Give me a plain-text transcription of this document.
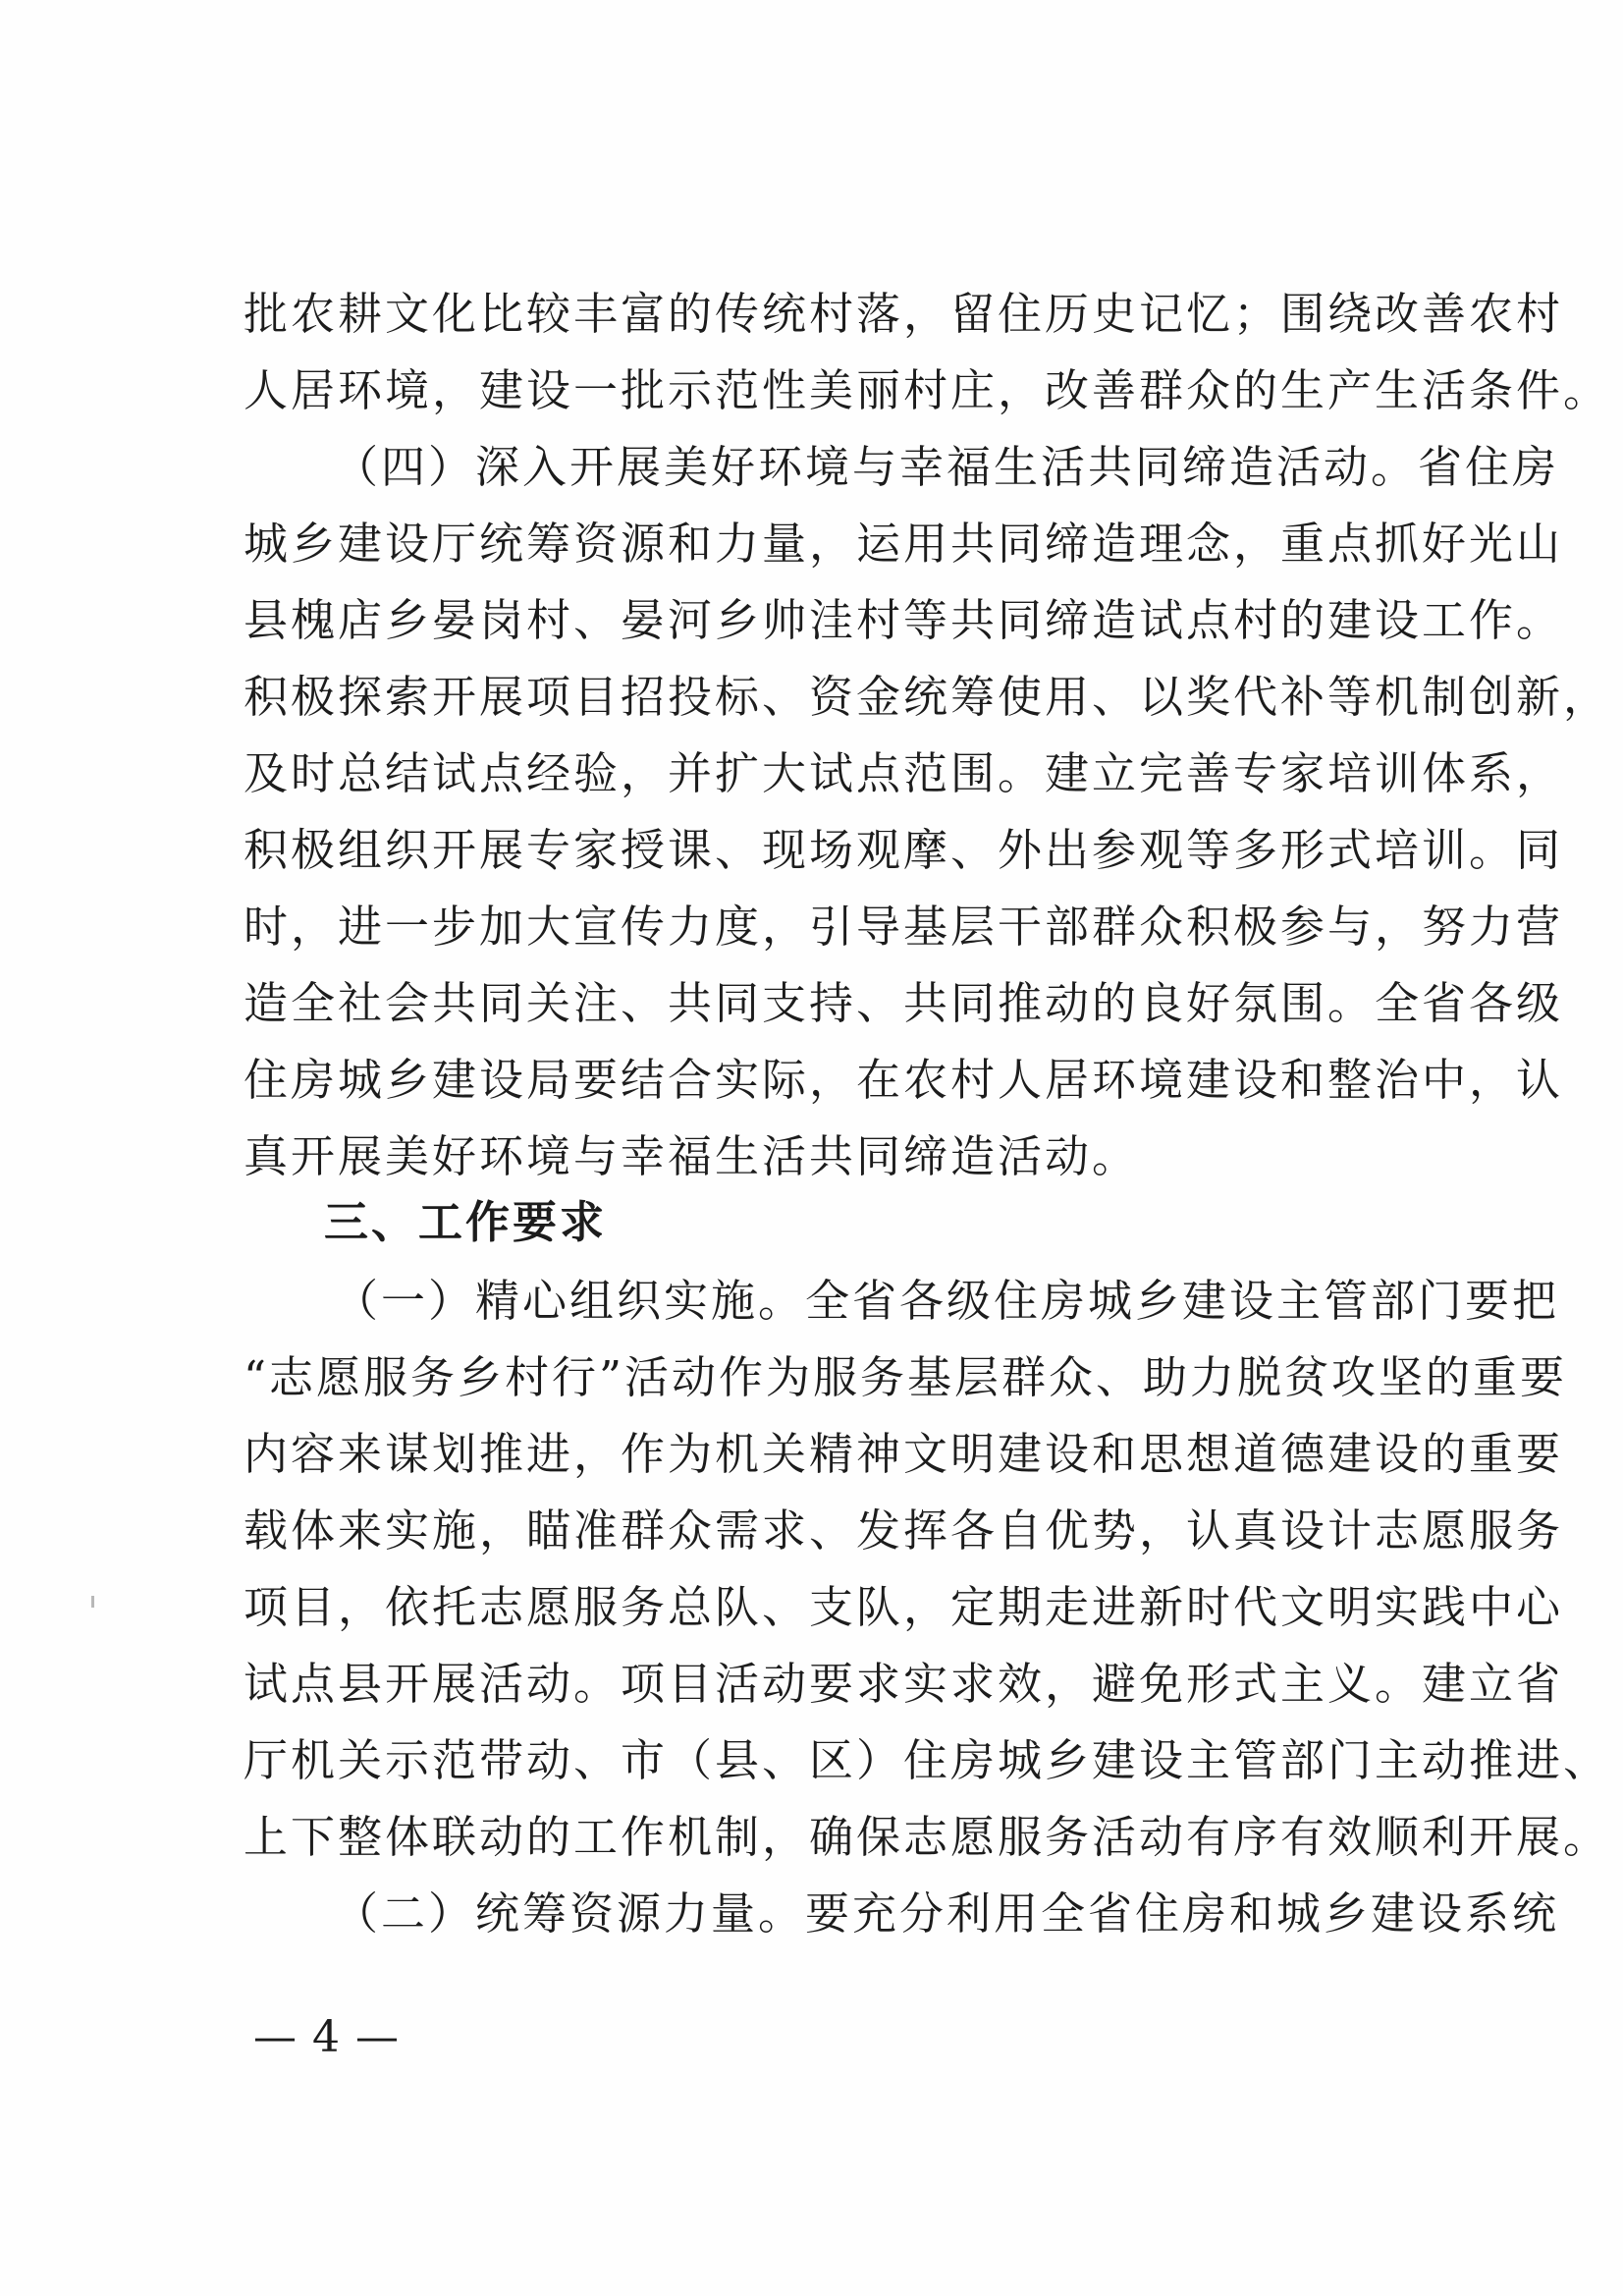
批农耕文化比较丰富的传统村落，留住历史记忆；围绕改善农村
人居环境，建设一批示范性美丽村庄，改善群众的生产生活条件。
（四）深入开展美好环境与幸福生活共同缔造活动。省住房
城乡建设厅统筹资源和力量，运用共同缔造理念，重点抓好光山
县槐店乡晏岗村、晏河乡帅洼村等共同缔造试点村的建设工作。
积极探索开展项目招投标、资金统筹使用、以奖代补等机制创新，
及时总结试点经验，并扩大试点范围。建立完善专家培训体系，
积极组织开展专家授课、现场观摩、外出参观等多形式培训。同
时，进一步加大宣传力度，引导基层干部群众积极参与，努力营
造全社会共同关注、共同支持、共同推动的良好氛围。全省各级
住房城乡建设局要结合实际，在农村人居环境建设和整治中，认
真开展美好环境与幸福生活共同缔造活动。
三、工作要求
（一）精心组织实施。全省各级住房城乡建设主管部门要把
“志愿服务乡村行”活动作为服务基层群众、助力脱贫攻坚的重要
内容来谋划推进，作为机关精神文明建设和思想道德建设的重要
载体来实施，瞄准群众需求、发挥各自优势，认真设计志愿服务
项目，依托志愿服务总队、支队，定期走进新时代文明实践中心
试点县开展活动。项目活动要求实求效，避免形式主义。建立省
厅机关示范带动、市（县、区）住房城乡建设主管部门主动推进、
上下整体联动的工作机制，确保志愿服务活动有序有效顺利开展。
（二）统筹资源力量。要充分利用全省住房和城乡建设系统
— 4 —
